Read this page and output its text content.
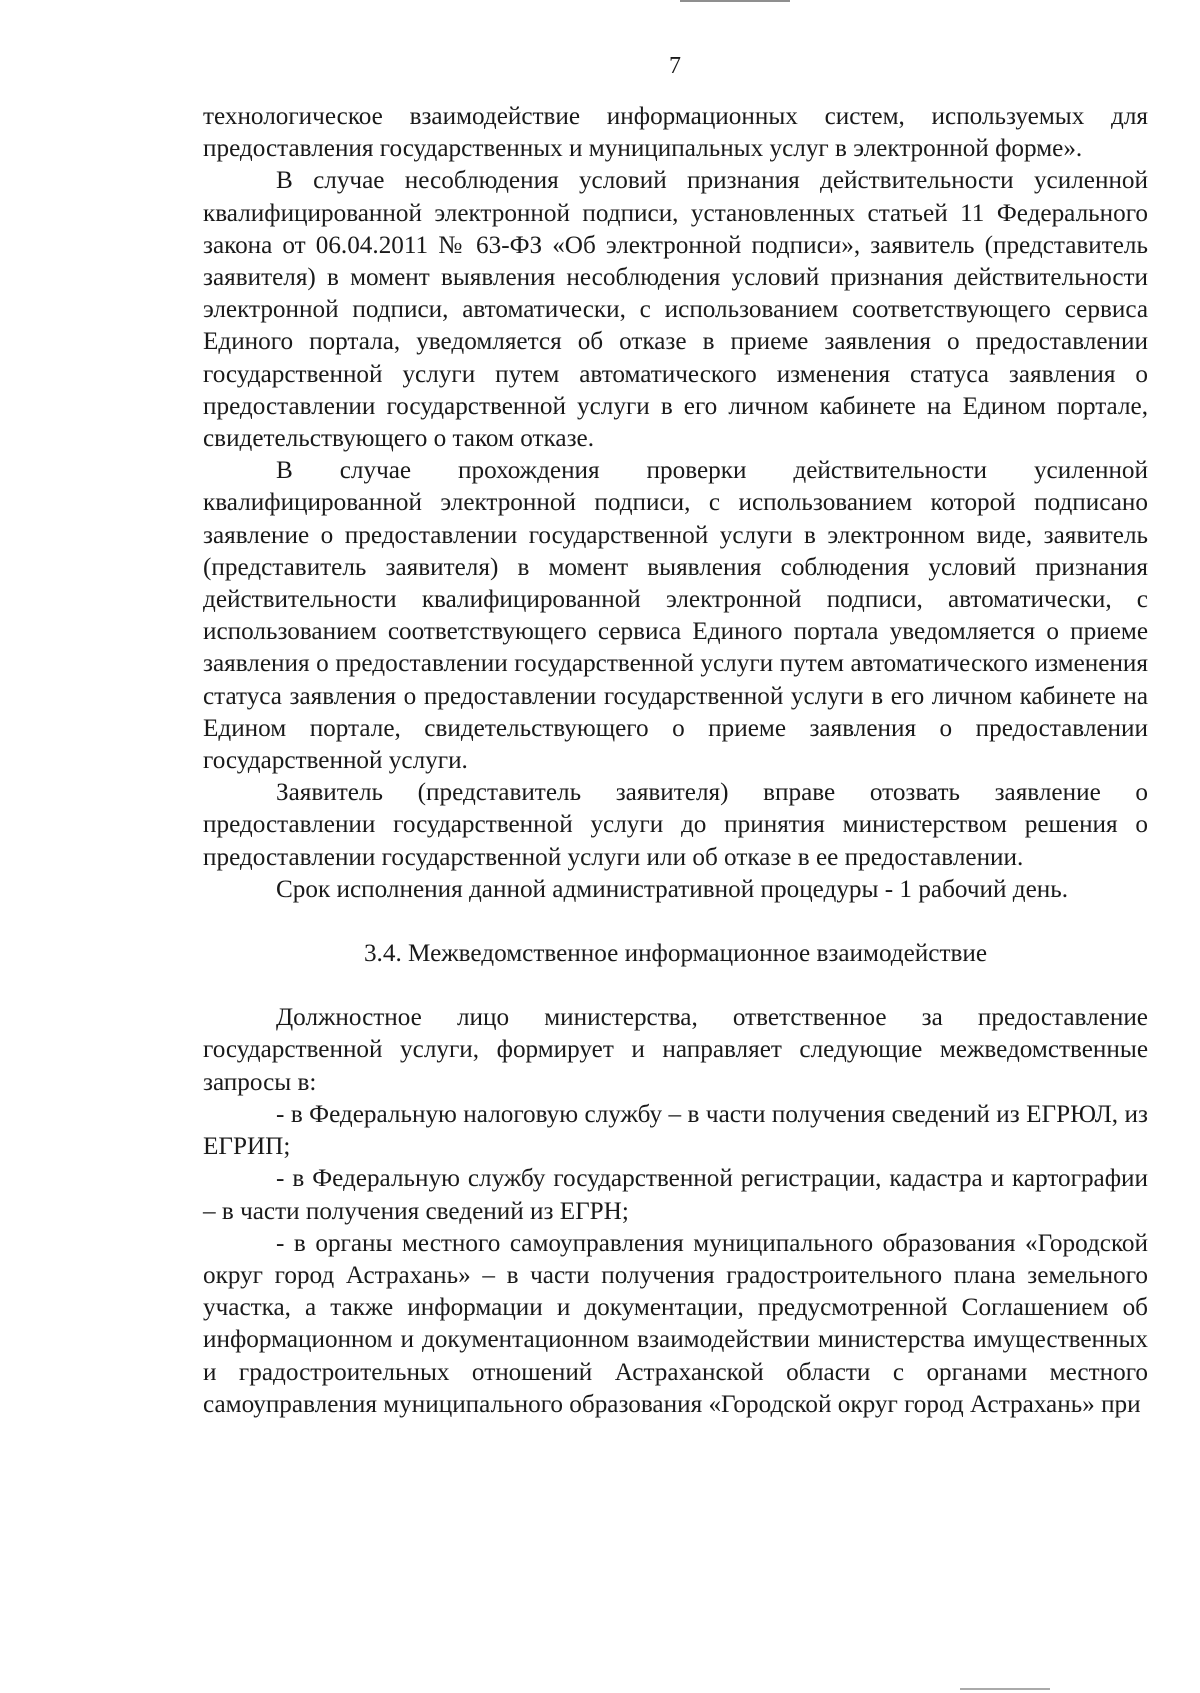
7

технологическое взаимодействие информационных систем, используемых для предоставления государственных и муниципальных услуг в электронной форме».

В случае несоблюдения условий признания действительности усиленной квалифицированной электронной подписи, установленных статьей 11 Федерального закона от 06.04.2011 № 63-ФЗ «Об электронной подписи», заявитель (представитель заявителя) в момент выявления несоблюдения условий признания действительности электронной подписи, автоматически, с использованием соответствующего сервиса Единого портала, уведомляется об отказе в приеме заявления о предоставлении государственной услуги путем автоматического изменения статуса заявления о предоставлении государственной услуги в его личном кабинете на Едином портале, свидетельствующего о таком отказе.

В случае прохождения проверки действительности усиленной квалифицированной электронной подписи, с использованием которой подписано заявление о предоставлении государственной услуги в электронном виде, заявитель (представитель заявителя) в момент выявления соблюдения условий признания действительности квалифицированной электронной подписи, автоматически, с использованием соответствующего сервиса Единого портала уведомляется о приеме заявления о предоставлении государственной услуги путем автоматического изменения статуса заявления о предоставлении государственной услуги в его личном кабинете на Едином портале, свидетельствующего о приеме заявления о предоставлении государственной услуги.

Заявитель (представитель заявителя) вправе отозвать заявление о предоставлении государственной услуги до принятия министерством решения о предоставлении государственной услуги или об отказе в ее предоставлении.

Срок исполнения данной административной процедуры - 1 рабочий день.

3.4. Межведомственное информационное взаимодействие

Должностное лицо министерства, ответственное за предоставление государственной услуги, формирует и направляет следующие межведомственные запросы в:

- в Федеральную налоговую службу – в части получения сведений из ЕГРЮЛ, из ЕГРИП;

- в Федеральную службу государственной регистрации, кадастра и картографии – в части получения сведений из ЕГРН;

- в органы местного самоуправления муниципального образования «Городской округ город Астрахань» – в части получения градостроительного плана земельного участка, а также информации и документации, предусмотренной Соглашением об информационном и документационном взаимодействии министерства имущественных и градостроительных отношений Астраханской области с органами местного самоуправления муниципального образования «Городской округ город Астрахань» при
